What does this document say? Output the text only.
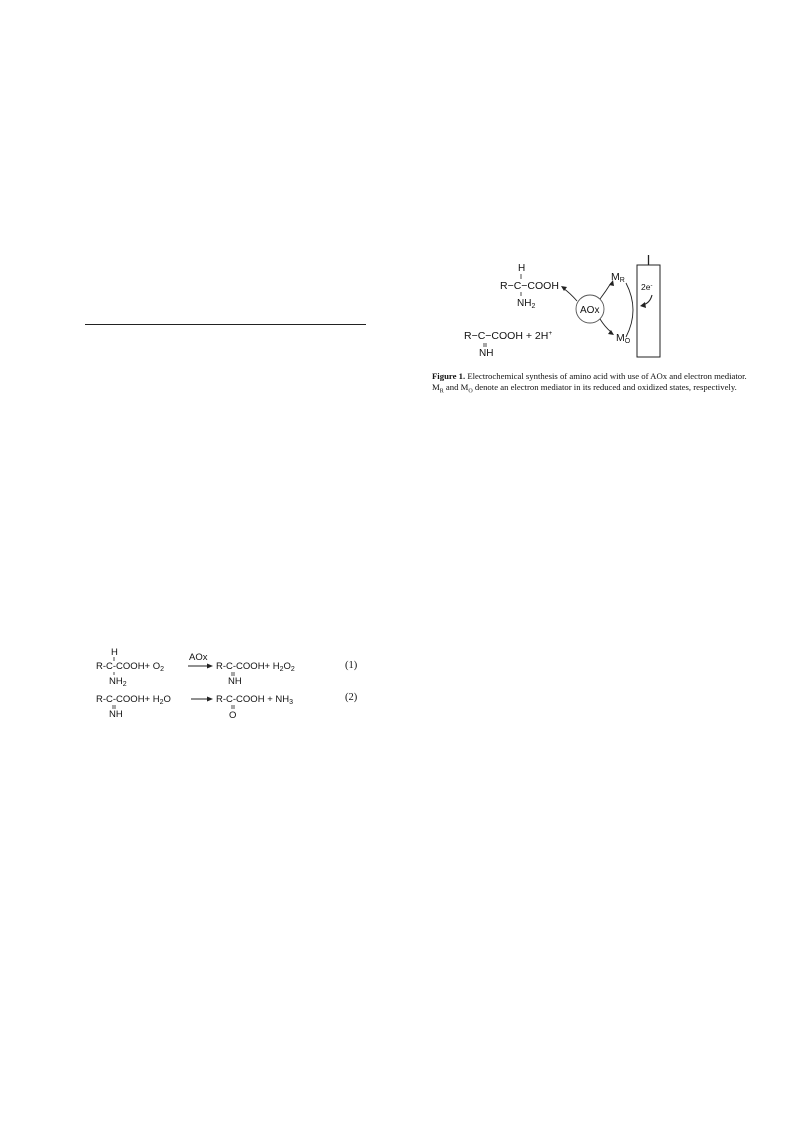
H
R−C−COOH
$NH_2$	AOx
MR
MO
2e-
R−C−COOH + 2H+
NH
Figure 1. Electrochemical synthesis of amino acid with use of AOx and electron mediator. $M_R$ and $M_O$ denote an electron mediator in its reduced and oxidized states, respectively.
H
R-C-COOH+ $O_2$
$NH_2$
AOx
R-C-COOH+ $H_2O_2$
NH
(1)
R-C-COOH+ $H_2O$
NH
R-C-COOH + $NH_3$
O
(2)
